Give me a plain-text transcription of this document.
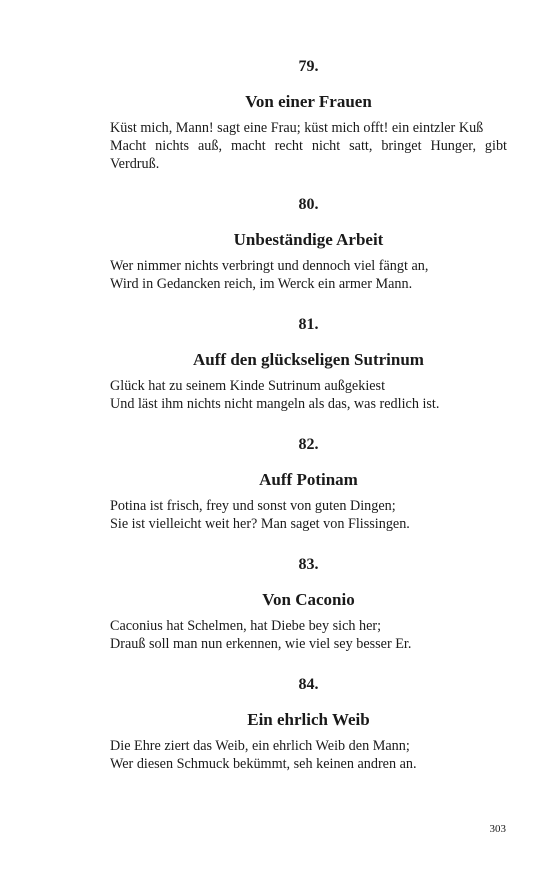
79.

Von einer Frauen

Küst mich, Mann! sagt eine Frau; küst mich offt! ein eintzler Kuß

Macht nichts auß, macht recht nicht satt, bringet Hunger, gibt Verdruß.

80.

Unbeständige Arbeit

Wer nimmer nichts verbringt und dennoch viel fängt an,

Wird in Gedancken reich, im Werck ein armer Mann.

81.

Auff den glückseligen Sutrinum

Glück hat zu seinem Kinde Sutrinum außgekiest

Und läst ihm nichts nicht mangeln als das, was redlich ist.

82.

Auff Potinam

Potina ist frisch, frey und sonst von guten Dingen;

Sie ist vielleicht weit her? Man saget von Flissingen.

83.

Von Caconio

Caconius hat Schelmen, hat Diebe bey sich her;

Drauß soll man nun erkennen, wie viel sey besser Er.

84.

Ein ehrlich Weib

Die Ehre ziert das Weib, ein ehrlich Weib den Mann;

Wer diesen Schmuck bekümmt, seh keinen andren an.

303
